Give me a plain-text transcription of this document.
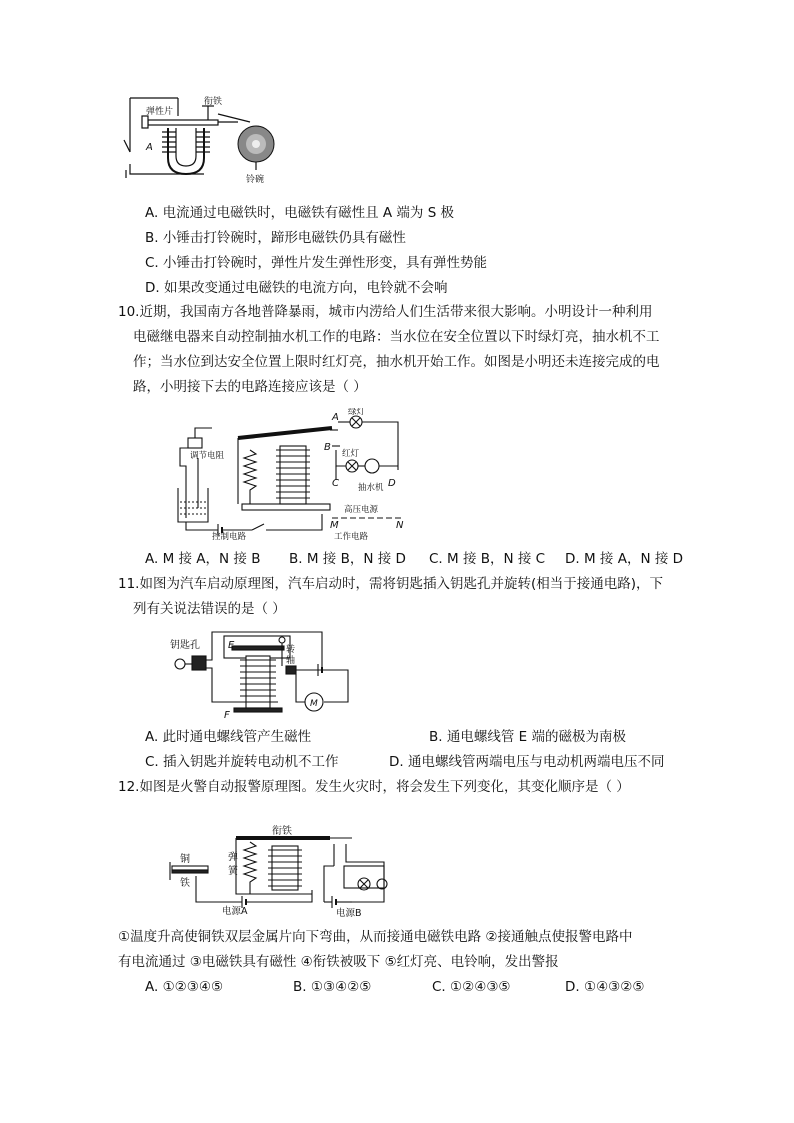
弹性片
衔铁
A
铃碗
A. 电流通过电磁铁时，电磁铁有磁性且 A 端为 S 极
B. 小锤击打铃碗时，蹄形电磁铁仍具有磁性
C. 小锤击打铃碗时，弹性片发生弹性形变，具有弹性势能
D. 如果改变通过电磁铁的电流方向，电铃就不会响
10.近期，我国南方各地普降暴雨，城市内涝给人们生活带来很大影响。小明设计一种利用
电磁继电器来自动控制抽水机工作的电路：当水位在安全位置以下时绿灯亮，抽水机不工
作；当水位到达安全位置上限时红灯亮，抽水机开始工作。如图是小明还未连接完成的电
路，小明接下去的电路连接应该是（ ）
A
B
C	D
绿灯
红灯
抽水机
调节电阻
控制电路
高压电源
M	N
工作电路
A. M 接 A，N 接 B B. M 接 B，N 接 D C. M 接 B，N 接 C D. M 接 A，N 接 D
11.如图为汽车启动原理图，汽车启动时，需将钥匙插入钥匙孔并旋转(相当于接通电路)，下
列有关说法错误的是（ ）
钥匙孔	E
F
转
轴
M
A. 此时通电螺线管产生磁性	B. 通电螺线管 E 端的磁极为南极
C. 插入钥匙并旋转电动机不工作	D. 通电螺线管两端电压与电动机两端电压不同
12.如图是火警自动报警原理图。发生火灾时，将会发生下列变化，其变化顺序是（ ）
衔铁
铜
铁
弹
簧
电源A	电源B
①温度升高使铜铁双层金属片向下弯曲，从而接通电磁铁电路 ②接通触点使报警电路中
有电流通过 ③电磁铁具有磁性 ④衔铁被吸下 ⑤红灯亮、电铃响，发出警报
A. ①②③④⑤	B. ①③④②⑤	C. ①②④③⑤	D. ①④③②⑤
